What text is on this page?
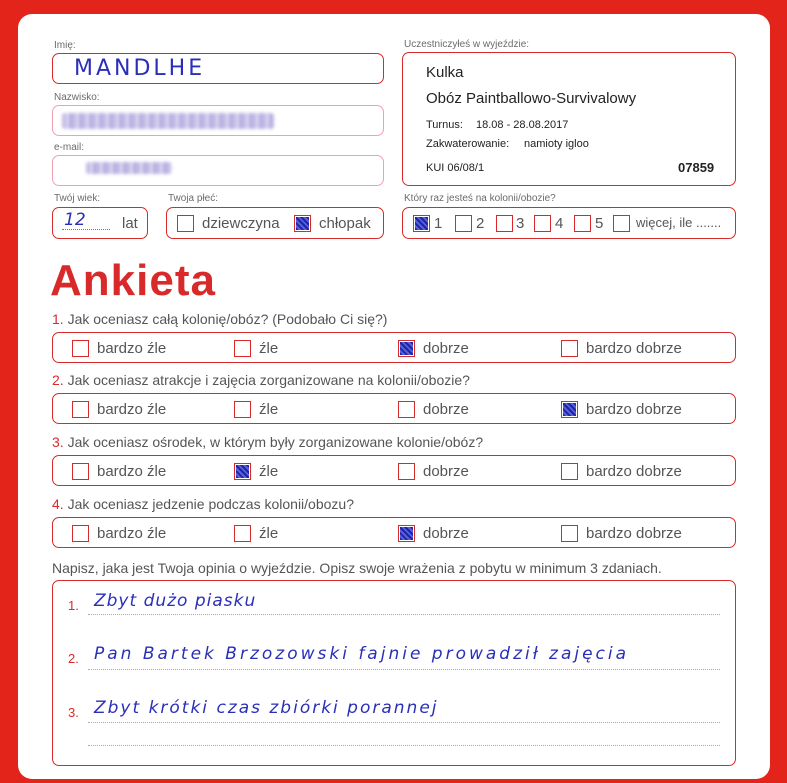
Imię:
MANDLHE
Nazwisko:
e-mail:
Twój wiek:
12 lat
Twoja płeć:
dziewczyna	chłopak
Uczestniczyłeś w wyjeździe:
Kulka
Obóz Paintballowo-Survivalowy
Turnus: 18.08 - 28.08.2017
Zakwaterowanie: namioty igloo
KUI 06/08/1	07859
Który raz jesteś na kolonii/obozie?
1 2 3 4 5	więcej, ile .......
Ankieta
1. Jak oceniasz całą kolonię/obóz? (Podobało Ci się?)
bardzo źle	źle	dobrze	bardzo dobrze
2. Jak oceniasz atrakcje i zajęcia zorganizowane na kolonii/obozie?
bardzo źle	źle	dobrze	bardzo dobrze
3. Jak oceniasz ośrodek, w którym były zorganizowane kolonie/obóz?
bardzo źle	źle	dobrze	bardzo dobrze
4. Jak oceniasz jedzenie podczas kolonii/obozu?
bardzo źle	źle	dobrze	bardzo dobrze
Napisz, jaka jest Twoja opinia o wyjeździe. Opisz swoje wrażenia z pobytu w minimum 3 zdaniach.
1. Zbyt dużo piasku
2. Pan Bartek Brzozowski fajnie prowadził zajęcia
3. Zbyt krótki czas zbiórki porannej
